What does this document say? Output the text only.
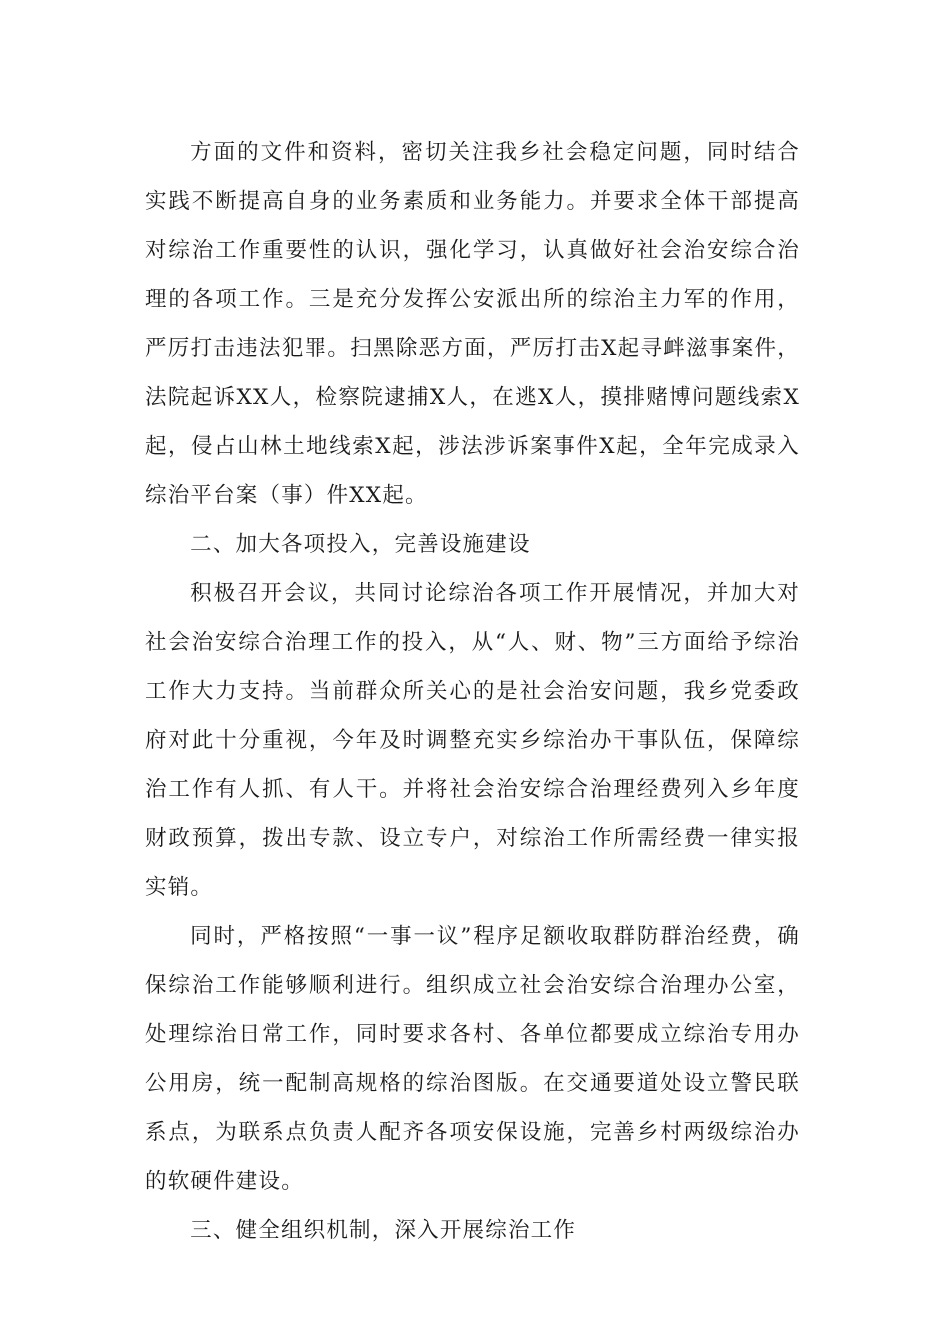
方面的文件和资料，密切关注我乡社会稳定问题，同时结合实践不断提高自身的业务素质和业务能力。并要求全体干部提高对综治工作重要性的认识，强化学习，认真做好社会治安综合治理的各项工作。三是充分发挥公安派出所的综治主力军的作用，严厉打击违法犯罪。扫黑除恶方面，严厉打击X起寻衅滋事案件，法院起诉XX人，检察院逮捕X人，在逃X人，摸排赌博问题线索X起，侵占山林土地线索X起，涉法涉诉案事件X起，全年完成录入综治平台案（事）件XX起。

二、加大各项投入，完善设施建设

积极召开会议，共同讨论综治各项工作开展情况，并加大对社会治安综合治理工作的投入，从“人、财、物”三方面给予综治工作大力支持。当前群众所关心的是社会治安问题，我乡党委政府对此十分重视，今年及时调整充实乡综治办干事队伍，保障综治工作有人抓、有人干。并将社会治安综合治理经费列入乡年度财政预算，拨出专款、设立专户，对综治工作所需经费一律实报实销。

同时，严格按照“一事一议”程序足额收取群防群治经费，确保综治工作能够顺利进行。组织成立社会治安综合治理办公室，处理综治日常工作，同时要求各村、各单位都要成立综治专用办公用房，统一配制高规格的综治图版。在交通要道处设立警民联系点，为联系点负责人配齐各项安保设施，完善乡村两级综治办的软硬件建设。

三、健全组织机制，深入开展综治工作
